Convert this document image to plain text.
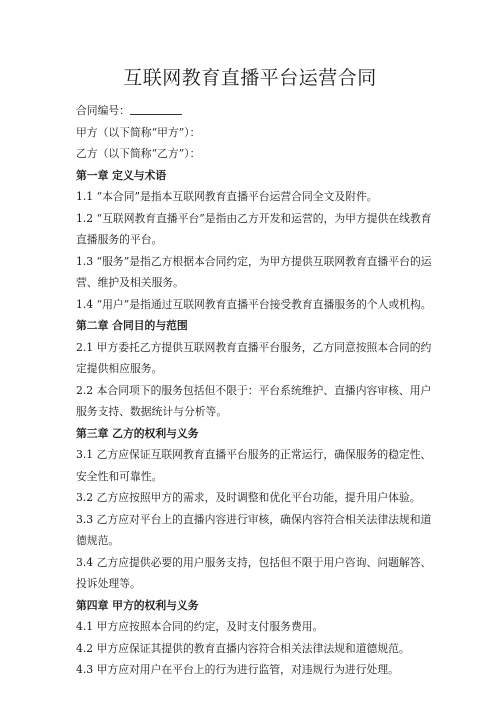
互联网教育直播平台运营合同
合同编号：
甲方（以下简称“甲方”）：
乙方（以下简称“乙方”）：
第一章 定义与术语
1.1 “本合同”是指本互联网教育直播平台运营合同全文及附件。
1.2 “互联网教育直播平台”是指由乙方开发和运营的，为甲方提供在线教育直播服务的平台。
1.3 “服务”是指乙方根据本合同约定，为甲方提供互联网教育直播平台的运营、维护及相关服务。
1.4 “用户”是指通过互联网教育直播平台接受教育直播服务的个人或机构。
第二章 合同目的与范围
2.1 甲方委托乙方提供互联网教育直播平台服务，乙方同意按照本合同的约定提供相应服务。
2.2 本合同项下的服务包括但不限于：平台系统维护、直播内容审核、用户服务支持、数据统计与分析等。
第三章 乙方的权利与义务
3.1 乙方应保证互联网教育直播平台服务的正常运行，确保服务的稳定性、安全性和可靠性。
3.2 乙方应按照甲方的需求，及时调整和优化平台功能，提升用户体验。
3.3 乙方应对平台上的直播内容进行审核，确保内容符合相关法律法规和道德规范。
3.4 乙方应提供必要的用户服务支持，包括但不限于用户咨询、问题解答、投诉处理等。
第四章 甲方的权利与义务
4.1 甲方应按照本合同的约定，及时支付服务费用。
4.2 甲方应保证其提供的教育直播内容符合相关法律法规和道德规范。
4.3 甲方应对用户在平台上的行为进行监管，对违规行为进行处理。
